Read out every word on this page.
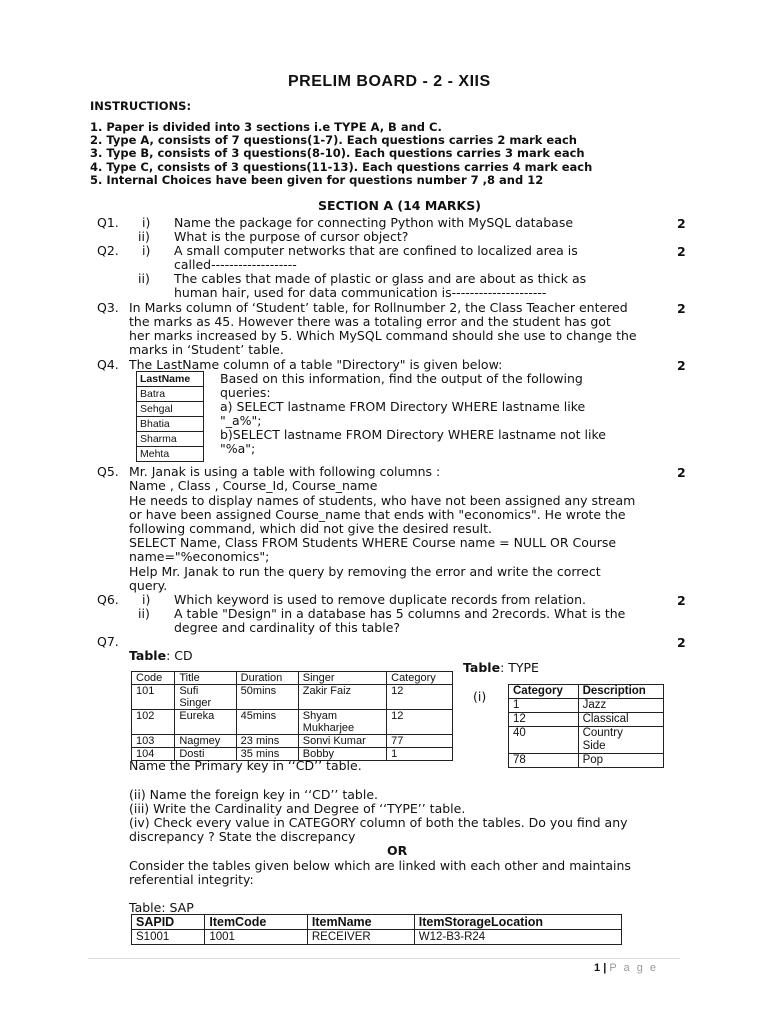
PRELIM BOARD - 2 - XIIS
INSTRUCTIONS:
1. Paper is divided into 3 sections i.e TYPE A, B and C.
2. Type A, consists of 7 questions(1-7). Each questions carries 2 mark each
3. Type B, consists of 3 questions(8-10). Each questions carries 3 mark each
4. Type C, consists of 3 questions(11-13). Each questions carries 4 mark each
5. Internal Choices have been given for questions number 7 ,8 and 12
SECTION A (14 MARKS)
Q1. i) Name the package for connecting Python with MySQL database
ii) What is the purpose of cursor object?
2
Q2. i) A small computer networks that are confined to localized area is
called-------------------
ii) The cables that made of plastic or glass and are about as thick as
human hair, used for data communication is---------------------
2
Q3. In Marks column of ‘Student’ table, for Rollnumber 2, the Class Teacher entered
the marks as 45. However there was a totaling error and the student has got
her marks increased by 5. Which MySQL command should she use to change the
marks in ‘Student’ table.
2
Q4. The LastName column of a table "Directory" is given below:	2
LastName
Batra
Sehgal
Bhatia
Sharma
Mehta
Based on this information, find the output of the following
queries:
a) SELECT lastname FROM Directory WHERE lastname like
"_a%";
b)SELECT lastname FROM Directory WHERE lastname not like
"%a";
Q5.	2
Mr. Janak is using a table with following columns :
Name , Class , Course_Id, Course_name
He needs to display names of students, who have not been assigned any stream
or have been assigned Course_name that ends with "economics". He wrote the
following command, which did not give the desired result.
SELECT Name, Class FROM Students WHERE Course name = NULL OR Course
name="%economics";
Help Mr. Janak to run the query by removing the error and write the correct
query.
Q6. i) Which keyword is used to remove duplicate records from relation.
ii) A table "Design" in a database has 5 columns and 2records. What is the
degree and cardinality of this table?
2
Q7.	2
Table: CD
Code	Title	Duration	Singer	Category
101	Sufi
Singer	50mins	Zakir Faiz	12
102	Eureka	45mins	Shyam
Mukharjee	12
103	Nagmey	23 mins	Sonvi Kumar	77
104	Dosti	35 mins	Bobby	1
Table: TYPE
(i) Category	Description
1	Jazz
12	Classical
40	Country
Side
78	Pop
Name the Primary key in ‘‘CD’’ table.
(ii) Name the foreign key in ‘‘CD’’ table.
(iii) Write the Cardinality and Degree of ‘‘TYPE’’ table.
(iv) Check every value in CATEGORY column of both the tables. Do you find any
discrepancy ? State the discrepancy
OR
Consider the tables given below which are linked with each other and maintains
referential integrity:
Table: SAP
SAPID	ItemCode	ItemName	ItemStorageLocation
S1001	1001	RECEIVER	W12-B3-R24
1 | P a g e
